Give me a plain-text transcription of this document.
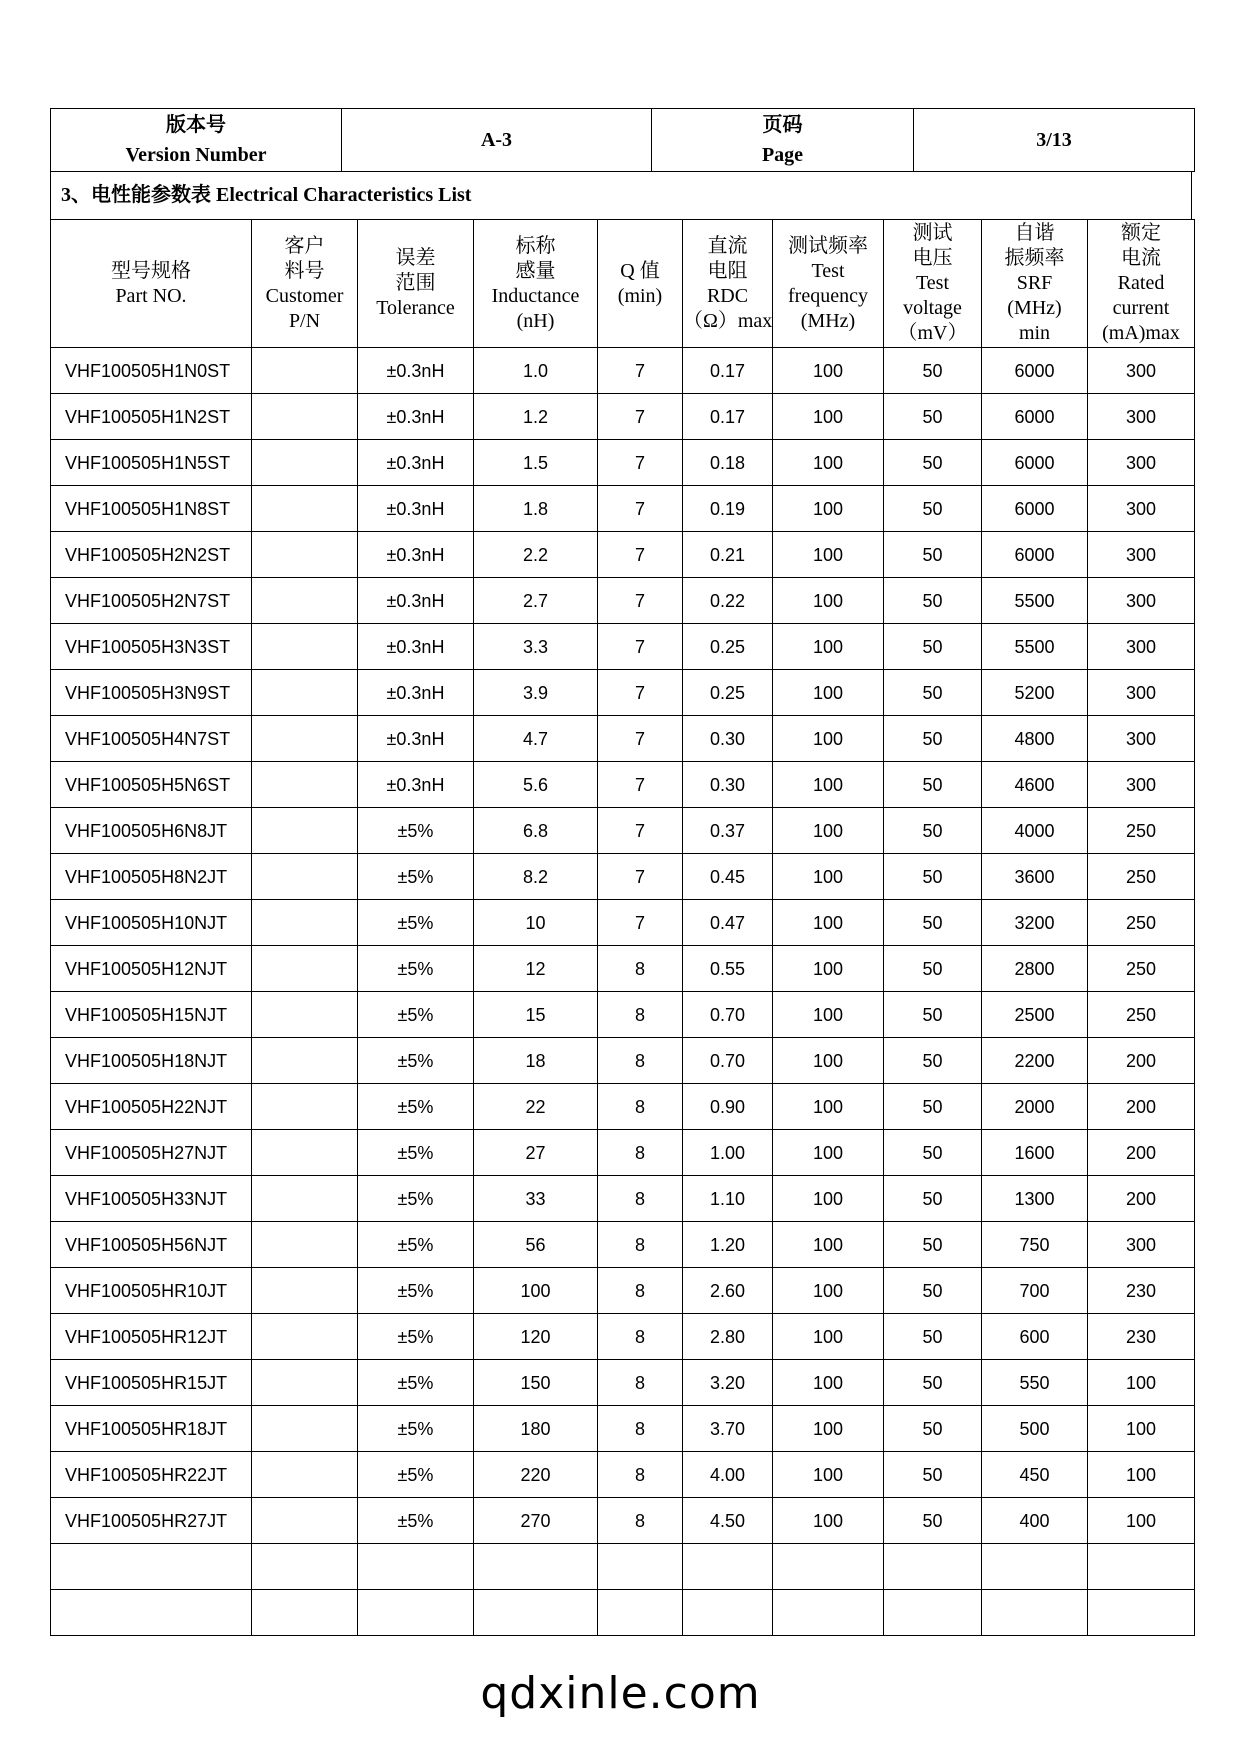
版本号
Version Number
	A-3	
页码
Page
	3/13
3、电性能参数表 Electrical Characteristics List
型号规格
Part NO.	客户
料号
Customer
P/N	误差
范围
Tolerance	标称
感量
Inductance
(nH)	Q 值
(min)	直流
电阻
RDC
（Ω）max	测试频率
Test
frequency
(MHz)	测试
电压
Test
voltage
（mV）	自谐
振频率
SRF
(MHz)
min	额定
电流
Rated
current
(mA)max

VHF100505H1N0ST		±0.3nH	1.0	7	0.17	100	50	6000	300
VHF100505H1N2ST		±0.3nH	1.2	7	0.17	100	50	6000	300
VHF100505H1N5ST		±0.3nH	1.5	7	0.18	100	50	6000	300
VHF100505H1N8ST		±0.3nH	1.8	7	0.19	100	50	6000	300
VHF100505H2N2ST		±0.3nH	2.2	7	0.21	100	50	6000	300
VHF100505H2N7ST		±0.3nH	2.7	7	0.22	100	50	5500	300
VHF100505H3N3ST		±0.3nH	3.3	7	0.25	100	50	5500	300
VHF100505H3N9ST		±0.3nH	3.9	7	0.25	100	50	5200	300
VHF100505H4N7ST		±0.3nH	4.7	7	0.30	100	50	4800	300
VHF100505H5N6ST		±0.3nH	5.6	7	0.30	100	50	4600	300
VHF100505H6N8JT		±5%	6.8	7	0.37	100	50	4000	250
VHF100505H8N2JT		±5%	8.2	7	0.45	100	50	3600	250
VHF100505H10NJT		±5%	10	7	0.47	100	50	3200	250
VHF100505H12NJT		±5%	12	8	0.55	100	50	2800	250
VHF100505H15NJT		±5%	15	8	0.70	100	50	2500	250
VHF100505H18NJT		±5%	18	8	0.70	100	50	2200	200
VHF100505H22NJT		±5%	22	8	0.90	100	50	2000	200
VHF100505H27NJT		±5%	27	8	1.00	100	50	1600	200
VHF100505H33NJT		±5%	33	8	1.10	100	50	1300	200
VHF100505H56NJT		±5%	56	8	1.20	100	50	750	300
VHF100505HR10JT		±5%	100	8	2.60	100	50	700	230
VHF100505HR12JT		±5%	120	8	2.80	100	50	600	230
VHF100505HR15JT		±5%	150	8	3.20	100	50	550	100
VHF100505HR18JT		±5%	180	8	3.70	100	50	500	100
VHF100505HR22JT		±5%	220	8	4.00	100	50	450	100
VHF100505HR27JT		±5%	270	8	4.50	100	50	400	100

qdxinle.com
